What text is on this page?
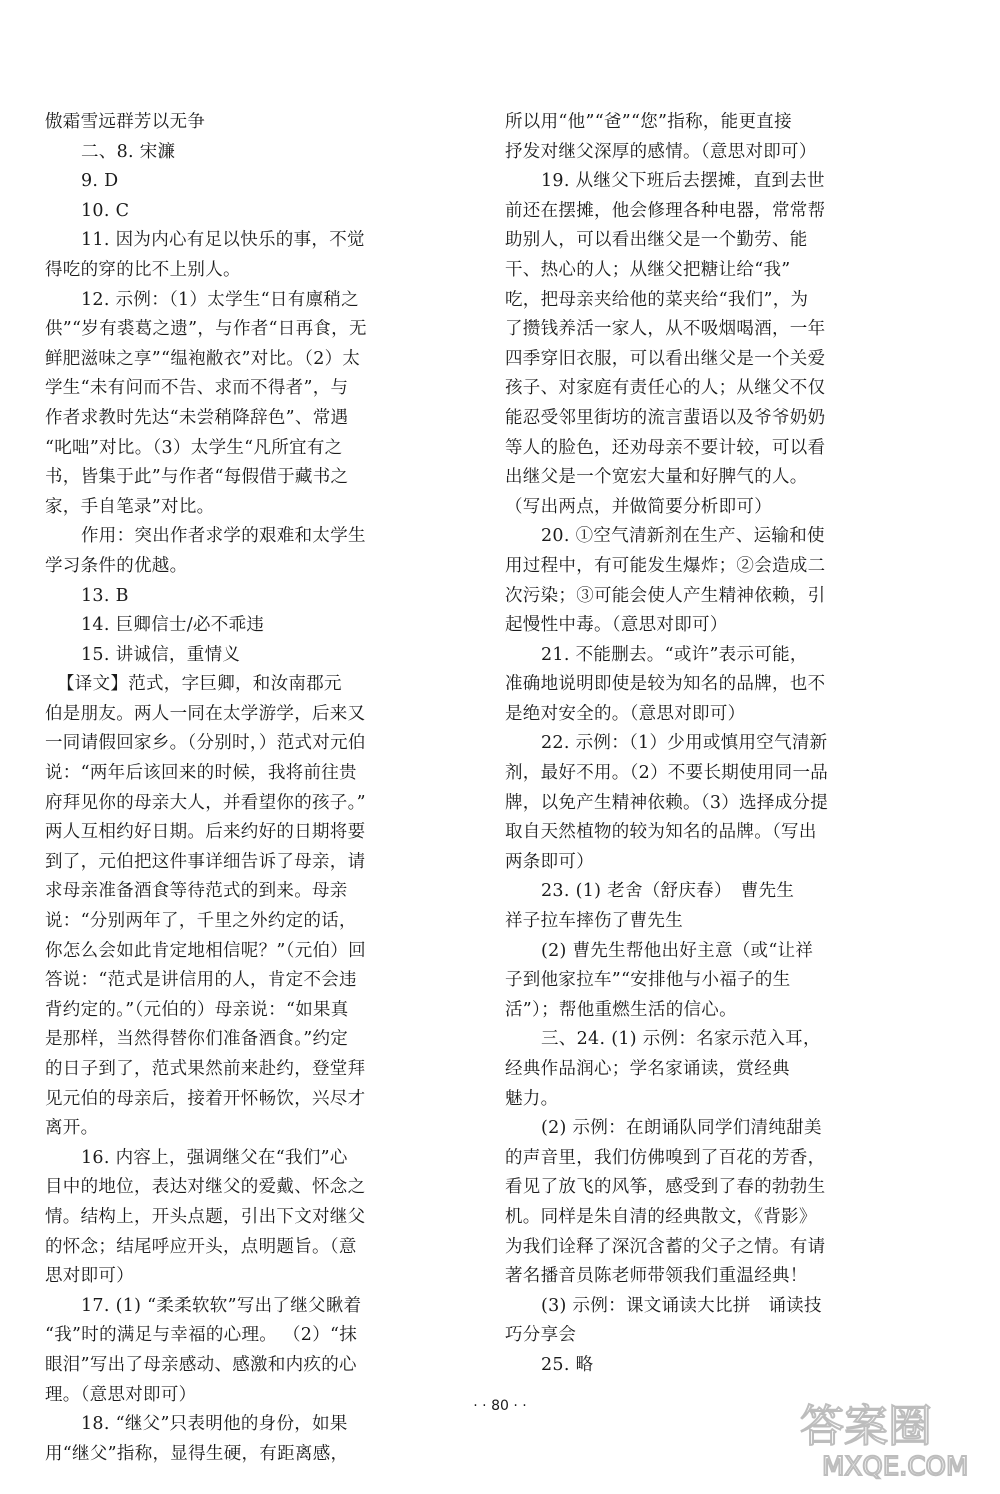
傲霜雪远群芳以无争
二、8. 宋濂
9. D
10. C
11. 因为内心有足以快乐的事，不觉
得吃的穿的比不上别人。
12. 示例：（1）太学生“日有廪稍之
供”“岁有裘葛之遗”，与作者“日再食，无
鲜肥滋味之享”“缊袍敝衣”对比。（2）太
学生“未有问而不告、求而不得者”，与
作者求教时先达“未尝稍降辞色”、常遇
“叱咄”对比。（3）太学生“凡所宜有之
书，皆集于此”与作者“每假借于藏书之
家，手自笔录”对比。
作用：突出作者求学的艰难和太学生
学习条件的优越。
13. B
14. 巨卿信士/必不乖违
15. 讲诚信，重情义
【译文】范式，字巨卿，和汝南郡元
伯是朋友。两人一同在太学游学，后来又
一同请假回家乡。（分别时，）范式对元伯
说：“两年后该回来的时候，我将前往贵
府拜见你的母亲大人，并看望你的孩子。”
两人互相约好日期。后来约好的日期将要
到了，元伯把这件事详细告诉了母亲，请
求母亲准备酒食等待范式的到来。母亲
说：“分别两年了，千里之外约定的话，
你怎么会如此肯定地相信呢？”（元伯）回
答说：“范式是讲信用的人，肯定不会违
背约定的。”（元伯的）母亲说：“如果真
是那样，当然得替你们准备酒食。”约定
的日子到了，范式果然前来赴约，登堂拜
见元伯的母亲后，接着开怀畅饮，兴尽才
离开。
16. 内容上，强调继父在“我们”心
目中的地位，表达对继父的爱戴、怀念之
情。结构上，开头点题，引出下文对继父
的怀念；结尾呼应开头，点明题旨。（意
思对即可）
17. (1) “柔柔软软”写出了继父瞅着
“我”时的满足与幸福的心理。 （2）“抹
眼泪”写出了母亲感动、感激和内疚的心
理。（意思对即可）
18. “继父”只表明他的身份，如果
用“继父”指称，显得生硬，有距离感，
所以用“他”“爸”“您”指称，能更直接
抒发对继父深厚的感情。（意思对即可）
19. 从继父下班后去摆摊，直到去世
前还在摆摊，他会修理各种电器，常常帮
助别人，可以看出继父是一个勤劳、能
干、热心的人；从继父把糖让给“我”
吃，把母亲夹给他的菜夹给“我们”，为
了攒钱养活一家人，从不吸烟喝酒，一年
四季穿旧衣服，可以看出继父是一个关爱
孩子、对家庭有责任心的人；从继父不仅
能忍受邻里街坊的流言蜚语以及爷爷奶奶
等人的脸色，还劝母亲不要计较，可以看
出继父是一个宽宏大量和好脾气的人。
（写出两点，并做简要分析即可）
20. ①空气清新剂在生产、运输和使
用过程中，有可能发生爆炸；②会造成二
次污染；③可能会使人产生精神依赖，引
起慢性中毒。（意思对即可）
21. 不能删去。“或许”表示可能，
准确地说明即使是较为知名的品牌，也不
是绝对安全的。（意思对即可）
22. 示例：（1）少用或慎用空气清新
剂，最好不用。（2）不要长期使用同一品
牌，以免产生精神依赖。（3）选择成分提
取自天然植物的较为知名的品牌。（写出
两条即可）
23. (1) 老舍（舒庆春）　曹先生
祥子拉车摔伤了曹先生
(2) 曹先生帮他出好主意（或“让祥
子到他家拉车”“安排他与小福子的生
活”）；帮他重燃生活的信心。
三、24. (1) 示例：名家示范入耳，
经典作品润心；学名家诵读，赏经典
魅力。
(2) 示例：在朗诵队同学们清纯甜美
的声音里，我们仿佛嗅到了百花的芳香，
看见了放飞的风筝，感受到了春的勃勃生
机。同样是朱自清的经典散文，《背影》
为我们诠释了深沉含蓄的父子之情。有请
著名播音员陈老师带领我们重温经典！
(3) 示例：课文诵读大比拼　诵读技
巧分享会
25. 略
· · 80 · ·	答案圈
MXQE.COM
